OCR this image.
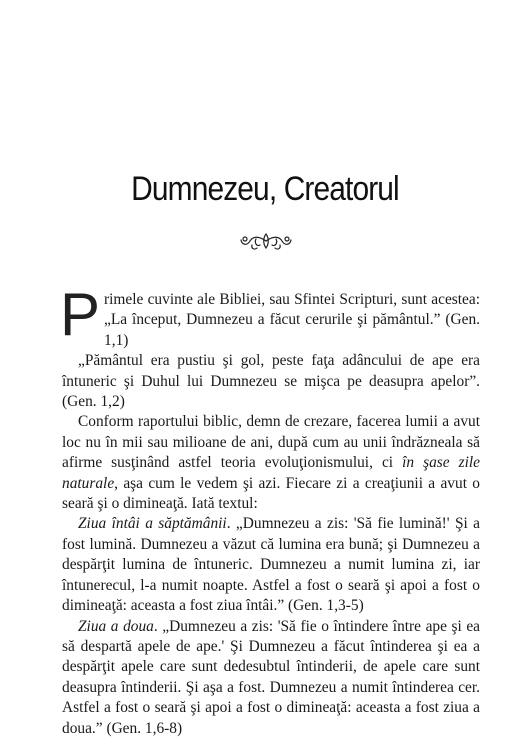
Dumnezeu, Creatorul

Primele cuvinte ale Bibliei, sau Sfintei Scripturi, sunt acestea: „La început, Dumnezeu a făcut cerurile şi pământul.” (Gen. 1,1)

„Pământul era pustiu şi gol, peste faţa adâncului de ape era întuneric şi Duhul lui Dumnezeu se mişca pe deasupra apelor”. (Gen. 1,2)

Conform raportului biblic, demn de crezare, facerea lumii a avut loc nu în mii sau milioane de ani, după cum au unii îndrăzneala să afirme susţinând astfel teoria evoluţionismului, ci în şase zile naturale, aşa cum le vedem şi azi. Fiecare zi a creaţiunii a avut o seară şi o dimineaţă. Iată textul:

Ziua întâi a săptămânii. „Dumnezeu a zis: 'Să fie lumină!' Şi a fost lumină. Dumnezeu a văzut că lumina era bună; şi Dumnezeu a despărţit lumina de întuneric. Dumnezeu a numit lumina zi, iar întunerecul, l-a numit noapte. Astfel a fost o seară şi apoi a fost o dimineaţă: aceasta a fost ziua întâi.” (Gen. 1,3-5)

Ziua a doua. „Dumnezeu a zis: 'Să fie o întindere între ape şi ea să despartă apele de ape.' Şi Dumnezeu a făcut întinderea şi ea a despărţit apele care sunt dedesubtul întinderii, de apele care sunt deasupra întinderii. Şi aşa a fost. Dumnezeu a numit întinderea cer. Astfel a fost o seară şi apoi a fost o dimineaţă: aceasta a fost ziua a doua.” (Gen. 1,6-8)
